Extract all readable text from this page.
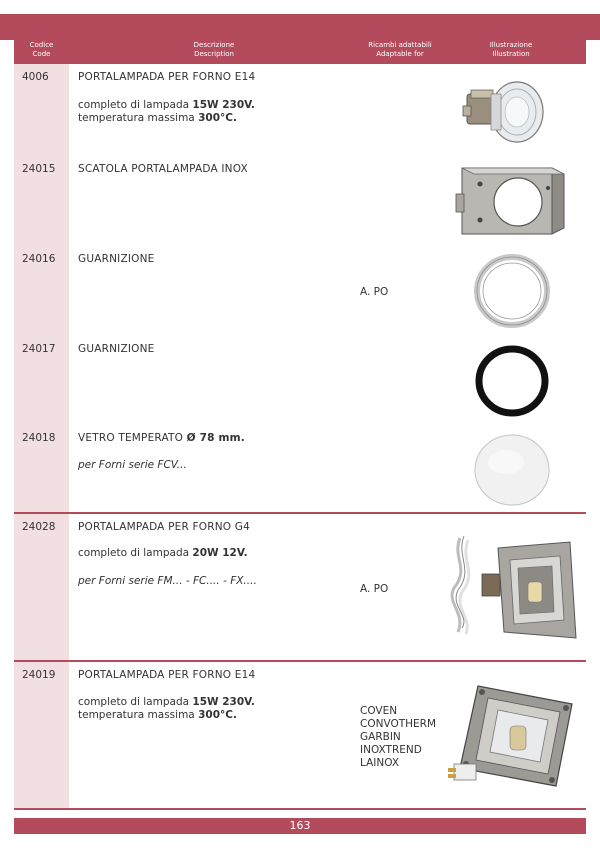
Codice
Code
Descrizione
Description
Ricambi adattabili
Adaptable for
Illustrazione
Illustration
4006	PORTALAMPADA PER FORNO E14
completo di lampada 15W 230V.
temperatura massima 300°C.
24015 SCATOLA PORTALAMPADA INOX
24016 GUARNIZIONE
A. PO
24017 GUARNIZIONE
24018 VETRO TEMPERATO Ø 78 mm.
per Forni serie FCV...
24028 PORTALAMPADA PER FORNO G4
completo di lampada 20W 12V.
per Forni serie FM... - FC.... - FX....
A. PO
24019 PORTALAMPADA PER FORNO E14
completo di lampada 15W 230V.
temperatura massima 300°C.	COVEN
CONVOTHERM
GARBIN
INOXTREND
LAINOX
163
